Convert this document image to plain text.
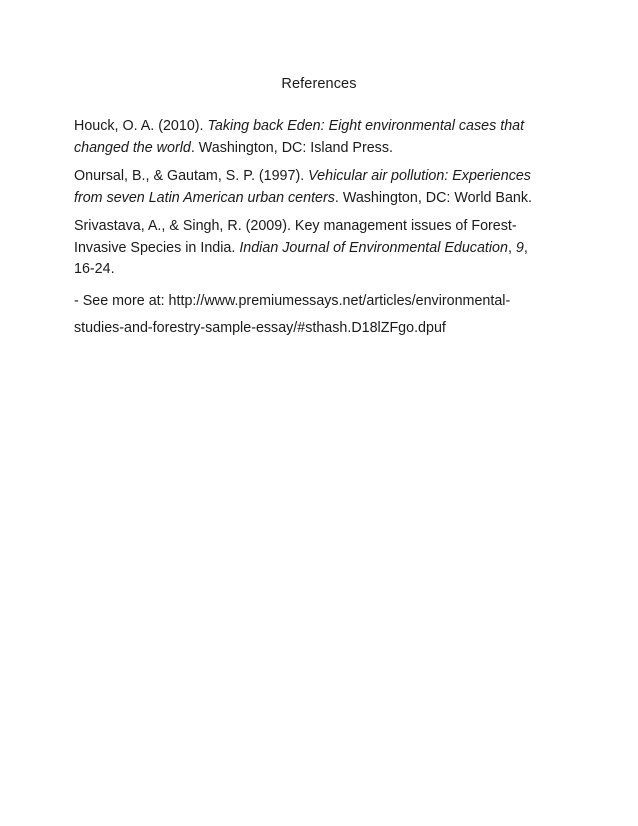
References
Houck, O. A. (2010). Taking back Eden: Eight environmental cases that
changed the world. Washington, DC: Island Press.
Onursal, B., & Gautam, S. P. (1997). Vehicular air pollution: Experiences
from seven Latin American urban centers. Washington, DC: World Bank.
Srivastava, A., & Singh, R. (2009). Key management issues of Forest-
Invasive Species in India. Indian Journal of Environmental Education, 9,
16-24.
- See more at: http://www.premiumessays.net/articles/environmental-
studies-and-forestry-sample-essay/#sthash.D18lZFgo.dpuf
